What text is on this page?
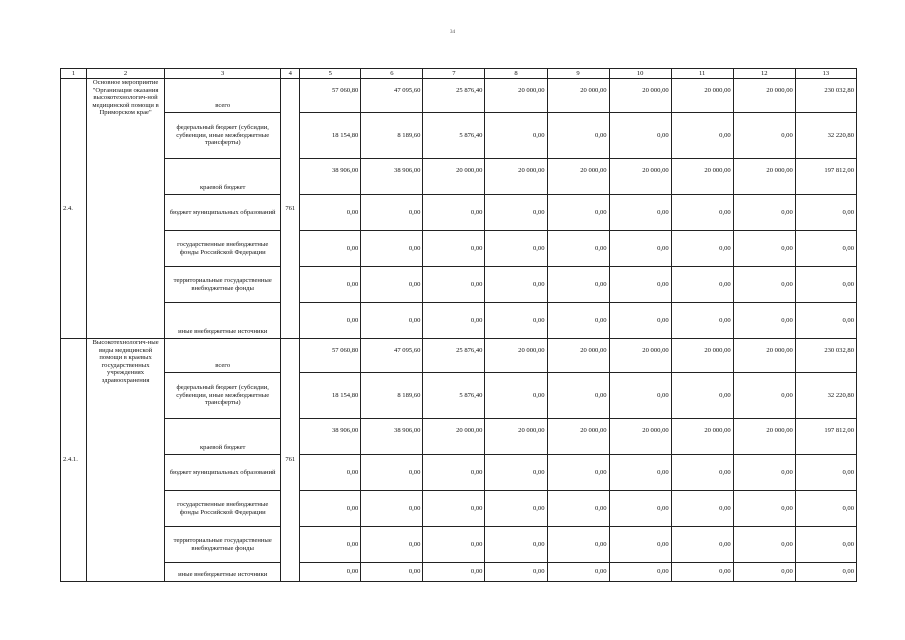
34
1	2	3	4	5	6	7	8	9	10	11	12	13
2.4.	Основное мероприятие "Организация оказания высокотехнологич-ной медицинской помощи в Приморском крае"	всего	761	57 060,80	47 095,60	25 876,40	20 000,00	20 000,00	20 000,00	20 000,00	20 000,00	230 032,80
		федеральный бюджет (субсидии, субвенции, иные межбюджетные трансферты)		18 154,80	8 189,60	5 876,40	0,00	0,00	0,00	0,00	0,00	32 220,80
		краевой бюджет		38 906,00	38 906,00	20 000,00	20 000,00	20 000,00	20 000,00	20 000,00	20 000,00	197 812,00
		бюджет муниципальных образований		0,00	0,00	0,00	0,00	0,00	0,00	0,00	0,00	0,00
		государственные внебюджетные фонды Российской Федерации		0,00	0,00	0,00	0,00	0,00	0,00	0,00	0,00	0,00
		территориальные государственные внебюджетные фонды		0,00	0,00	0,00	0,00	0,00	0,00	0,00	0,00	0,00
		иные внебюджетные источники		0,00	0,00	0,00	0,00	0,00	0,00	0,00	0,00	0,00
2.4.1.	Высокотехнологич-ные виды медицинской помощи в краевых государственных учреждениях здравоохранения	всего	761	57 060,80	47 095,60	25 876,40	20 000,00	20 000,00	20 000,00	20 000,00	20 000,00	230 032,80
		федеральный бюджет (субсидии, субвенции, иные межбюджетные трансферты)		18 154,80	8 189,60	5 876,40	0,00	0,00	0,00	0,00	0,00	32 220,80
		краевой бюджет		38 906,00	38 906,00	20 000,00	20 000,00	20 000,00	20 000,00	20 000,00	20 000,00	197 812,00
		бюджет муниципальных образований		0,00	0,00	0,00	0,00	0,00	0,00	0,00	0,00	0,00
		государственные внебюджетные фонды Российской Федерации		0,00	0,00	0,00	0,00	0,00	0,00	0,00	0,00	0,00
		территориальные государственные внебюджетные фонды		0,00	0,00	0,00	0,00	0,00	0,00	0,00	0,00	0,00
		иные внебюджетные источники		0,00	0,00	0,00	0,00	0,00	0,00	0,00	0,00	0,00
